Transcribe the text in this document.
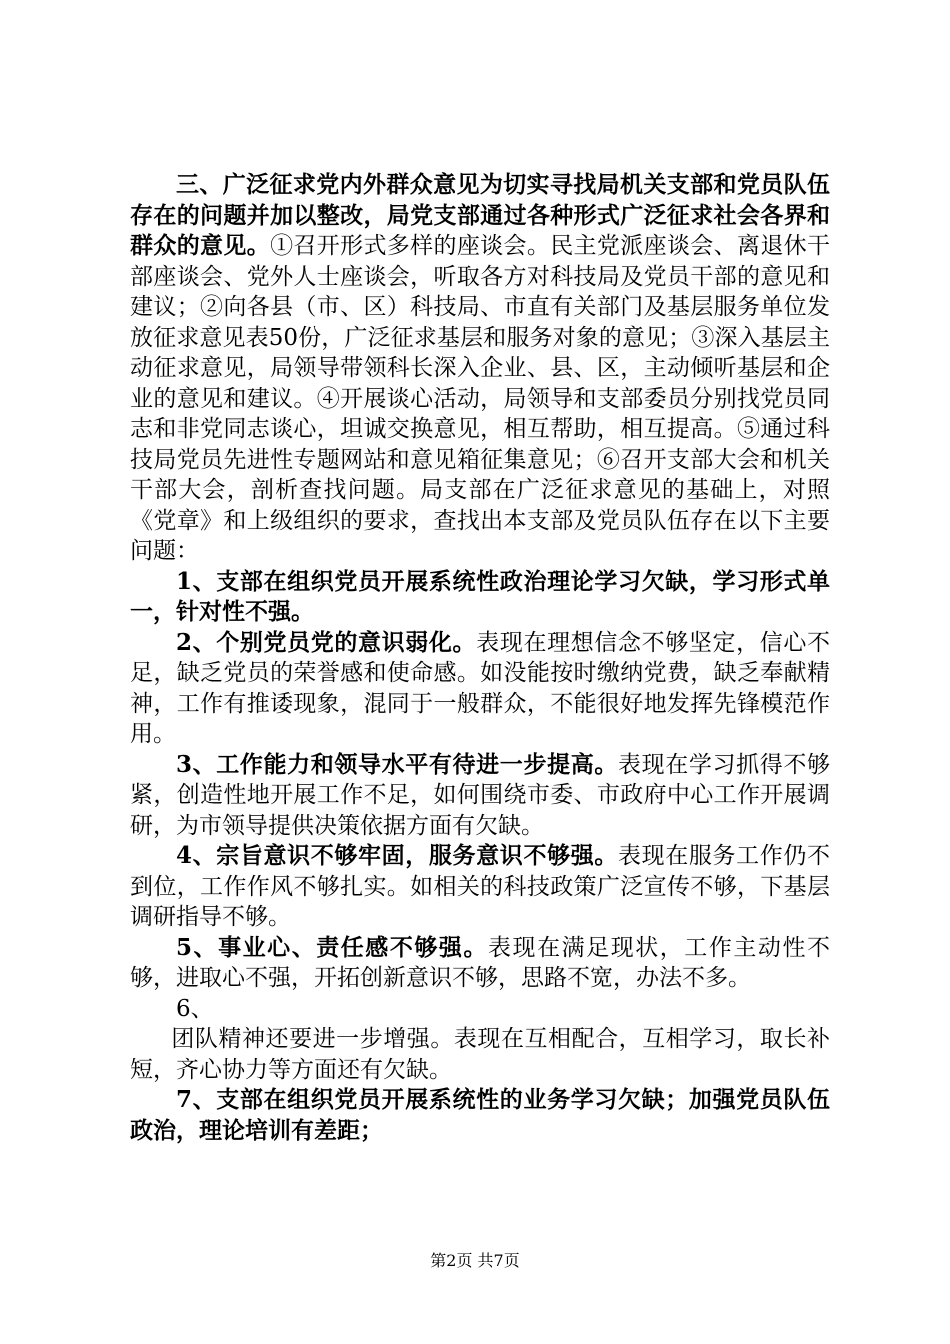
三、广泛征求党内外群众意见为切实寻找局机关支部和党员队伍存在的问题并加以整改，局党支部通过各种形式广泛征求社会各界和群众的意见。①召开形式多样的座谈会。民主党派座谈会、离退休干部座谈会、党外人士座谈会，听取各方对科技局及党员干部的意见和建议；②向各县（市、区）科技局、市直有关部门及基层服务单位发放征求意见表50份，广泛征求基层和服务对象的意见；③深入基层主动征求意见，局领导带领科长深入企业、县、区，主动倾听基层和企业的意见和建议。④开展谈心活动，局领导和支部委员分别找党员同志和非党同志谈心，坦诚交换意见，相互帮助，相互提高。⑤通过科技局党员先进性专题网站和意见箱征集意见；⑥召开支部大会和机关干部大会，剖析查找问题。局支部在广泛征求意见的基础上，对照《党章》和上级组织的要求，查找出本支部及党员队伍存在以下主要问题：

1、支部在组织党员开展系统性政治理论学习欠缺，学习形式单一，针对性不强。

2、个别党员党的意识弱化。表现在理想信念不够坚定，信心不足，缺乏党员的荣誉感和使命感。如没能按时缴纳党费，缺乏奉献精神，工作有推诿现象，混同于一般群众，不能很好地发挥先锋模范作用。

3、工作能力和领导水平有待进一步提高。表现在学习抓得不够紧，创造性地开展工作不足，如何围绕市委、市政府中心工作开展调研，为市领导提供决策依据方面有欠缺。

4、宗旨意识不够牢固，服务意识不够强。表现在服务工作仍不到位，工作作风不够扎实。如相关的科技政策广泛宣传不够，下基层调研指导不够。

5、事业心、责任感不够强。表现在满足现状，工作主动性不够，进取心不强，开拓创新意识不够，思路不宽，办法不多。

6、

团队精神还要进一步增强。表现在互相配合，互相学习，取长补短，齐心协力等方面还有欠缺。

7、支部在组织党员开展系统性的业务学习欠缺；加强党员队伍政治，理论培训有差距；

第2页 共7页
